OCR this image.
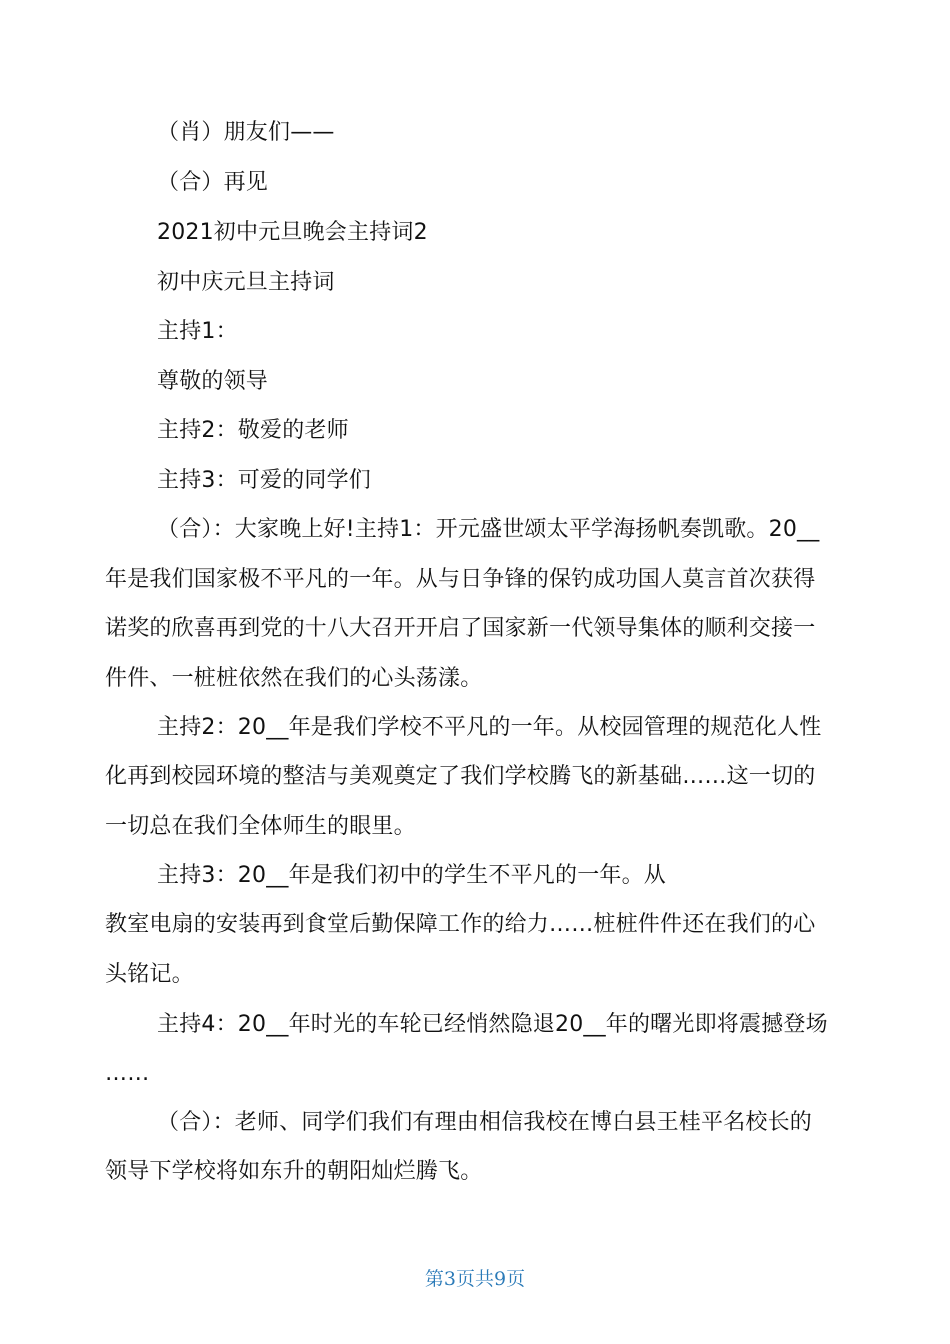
（肖）朋友们——
（合）再见
2021初中元旦晚会主持词2
初中庆元旦主持词
主持1：
尊敬的领导
主持2：敬爱的老师
主持3：可爱的同学们
（合）：大家晚上好!主持1：开元盛世颂太平学海扬帆奏凯歌。20__
年是我们国家极不平凡的一年。从与日争锋的保钓成功国人莫言首次获得
诺奖的欣喜再到党的十八大召开开启了国家新一代领导集体的顺利交接一
件件、一桩桩依然在我们的心头荡漾。
主持2：20__年是我们学校不平凡的一年。从校园管理的规范化人性
化再到校园环境的整洁与美观奠定了我们学校腾飞的新基础……这一切的
一切总在我们全体师生的眼里。
主持3：20__年是我们初中的学生不平凡的一年。从
教室电扇的安装再到食堂后勤保障工作的给力……桩桩件件还在我们的心
头铭记。
主持4：20__年时光的车轮已经悄然隐退20__年的曙光即将震撼登场
……
（合）：老师、同学们我们有理由相信我校在博白县王桂平名校长的
领导下学校将如东升的朝阳灿烂腾飞。
第3页共9页
